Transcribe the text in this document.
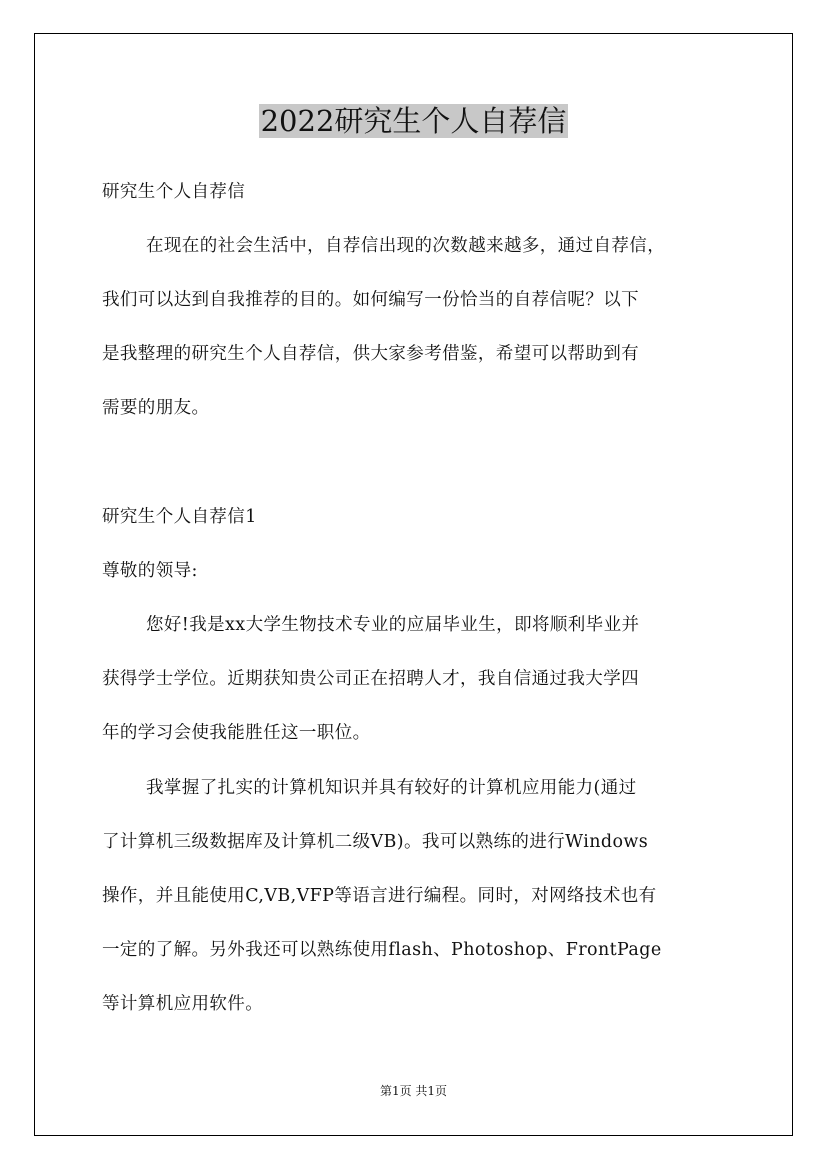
2022研究生个人自荐信

研究生个人自荐信

在现在的社会生活中，自荐信出现的次数越来越多，通过自荐信，

我们可以达到自我推荐的目的。如何编写一份恰当的自荐信呢？以下

是我整理的研究生个人自荐信，供大家参考借鉴，希望可以帮助到有

需要的朋友。

研究生个人自荐信1

尊敬的领导:

您好!我是xx大学生物技术专业的应届毕业生，即将顺利毕业并

获得学士学位。近期获知贵公司正在招聘人才，我自信通过我大学四

年的学习会使我能胜任这一职位。

我掌握了扎实的计算机知识并具有较好的计算机应用能力(通过

了计算机三级数据库及计算机二级VB)。我可以熟练的进行Windows

操作，并且能使用C,VB,VFP等语言进行编程。同时，对网络技术也有

一定的了解。另外我还可以熟练使用flash、Photoshop、FrontPage

等计算机应用软件。

第1页 共1页
